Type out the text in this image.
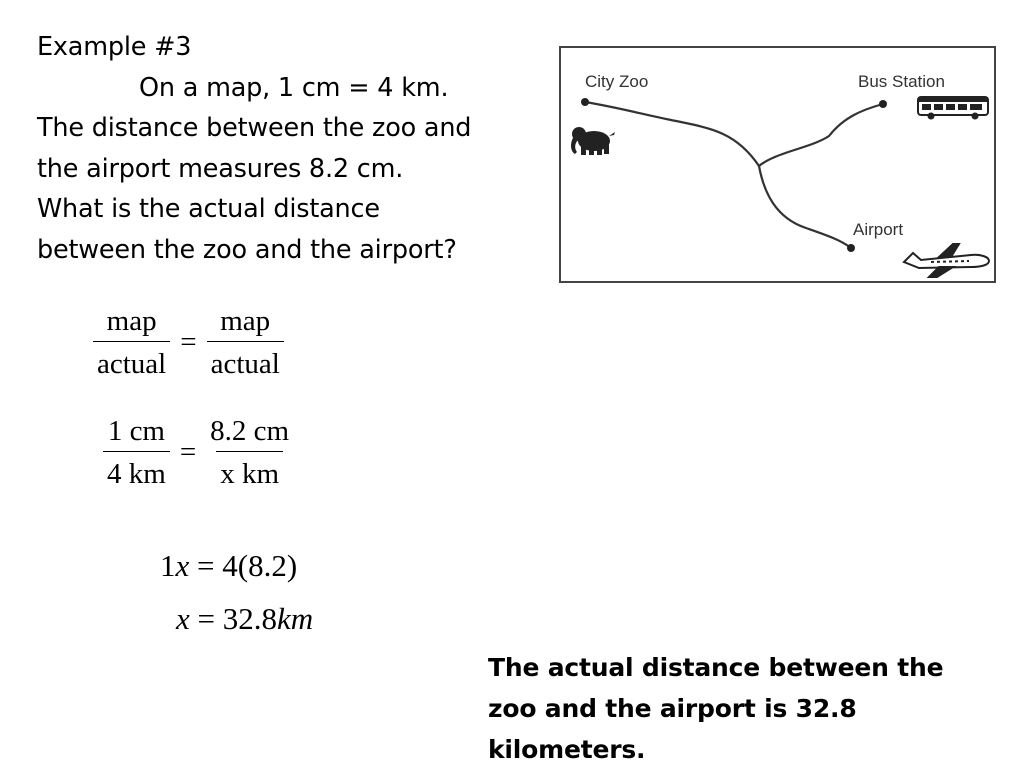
Example #3
On a map, 1 cm = 4 km.
The distance between the zoo and
the airport measures 8.2 cm.
What is the actual distance
between the zoo and the airport?
City Zoo	Bus Station
Airport
$\frac{\text{map}}{\text{actual}} = \frac{\text{map}}{\text{actual}}$
$\frac{1 cm}{4 km} = \frac{8.2 cm}{\text{x km}}$
1x = 4(8.2)
x = 32.8km
The actual distance between the
zoo and the airport is 32.8
kilometers.
